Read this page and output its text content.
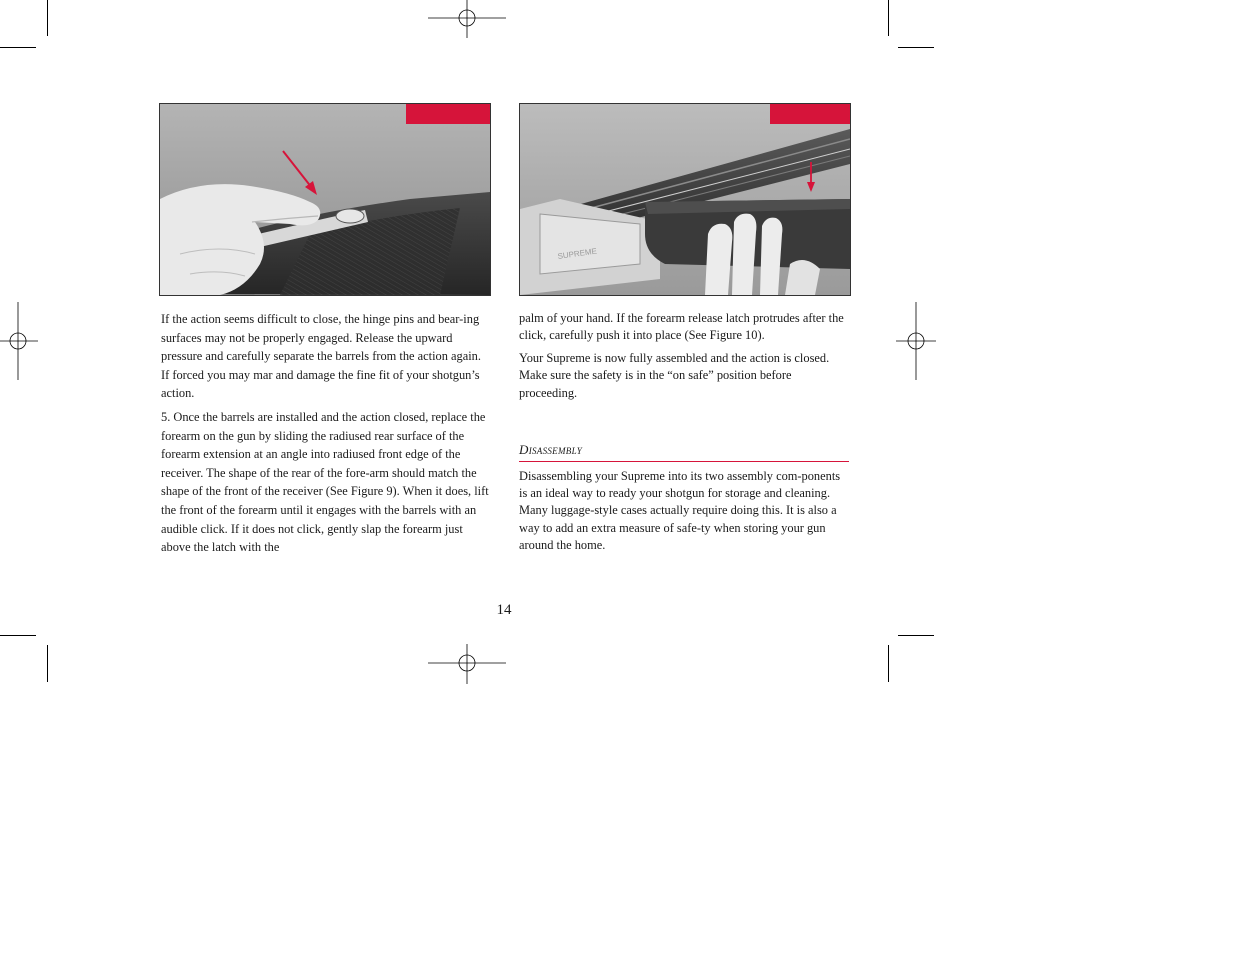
SUPREME

If the action seems difficult to close, the hinge pins and bear-ing surfaces may not be properly engaged. Release the upward pressure and carefully separate the barrels from the action again. If forced you may mar and damage the fine fit of your shotgun’s action.

5. Once the barrels are installed and the action closed, replace the forearm on the gun by sliding the radiused rear surface of the forearm extension at an angle into radiused front edge of the receiver. The shape of the rear of the fore-arm should match the shape of the front of the receiver (See Figure 9). When it does, lift the front of the forearm until it engages with the barrels with an audible click. If it does not click, gently slap the forearm just above the latch with the

palm of your hand. If the forearm release latch protrudes after the click, carefully push it into place (See Figure 10).

Your Supreme is now fully assembled and the action is closed. Make sure the safety is in the “on safe” position before proceeding.

Disassembly

Disassembling your Supreme into its two assembly com-ponents is an ideal way to ready your shotgun for storage and cleaning. Many luggage-style cases actually require doing this. It is also a way to add an extra measure of safe-ty when storing your gun around the home.

14
